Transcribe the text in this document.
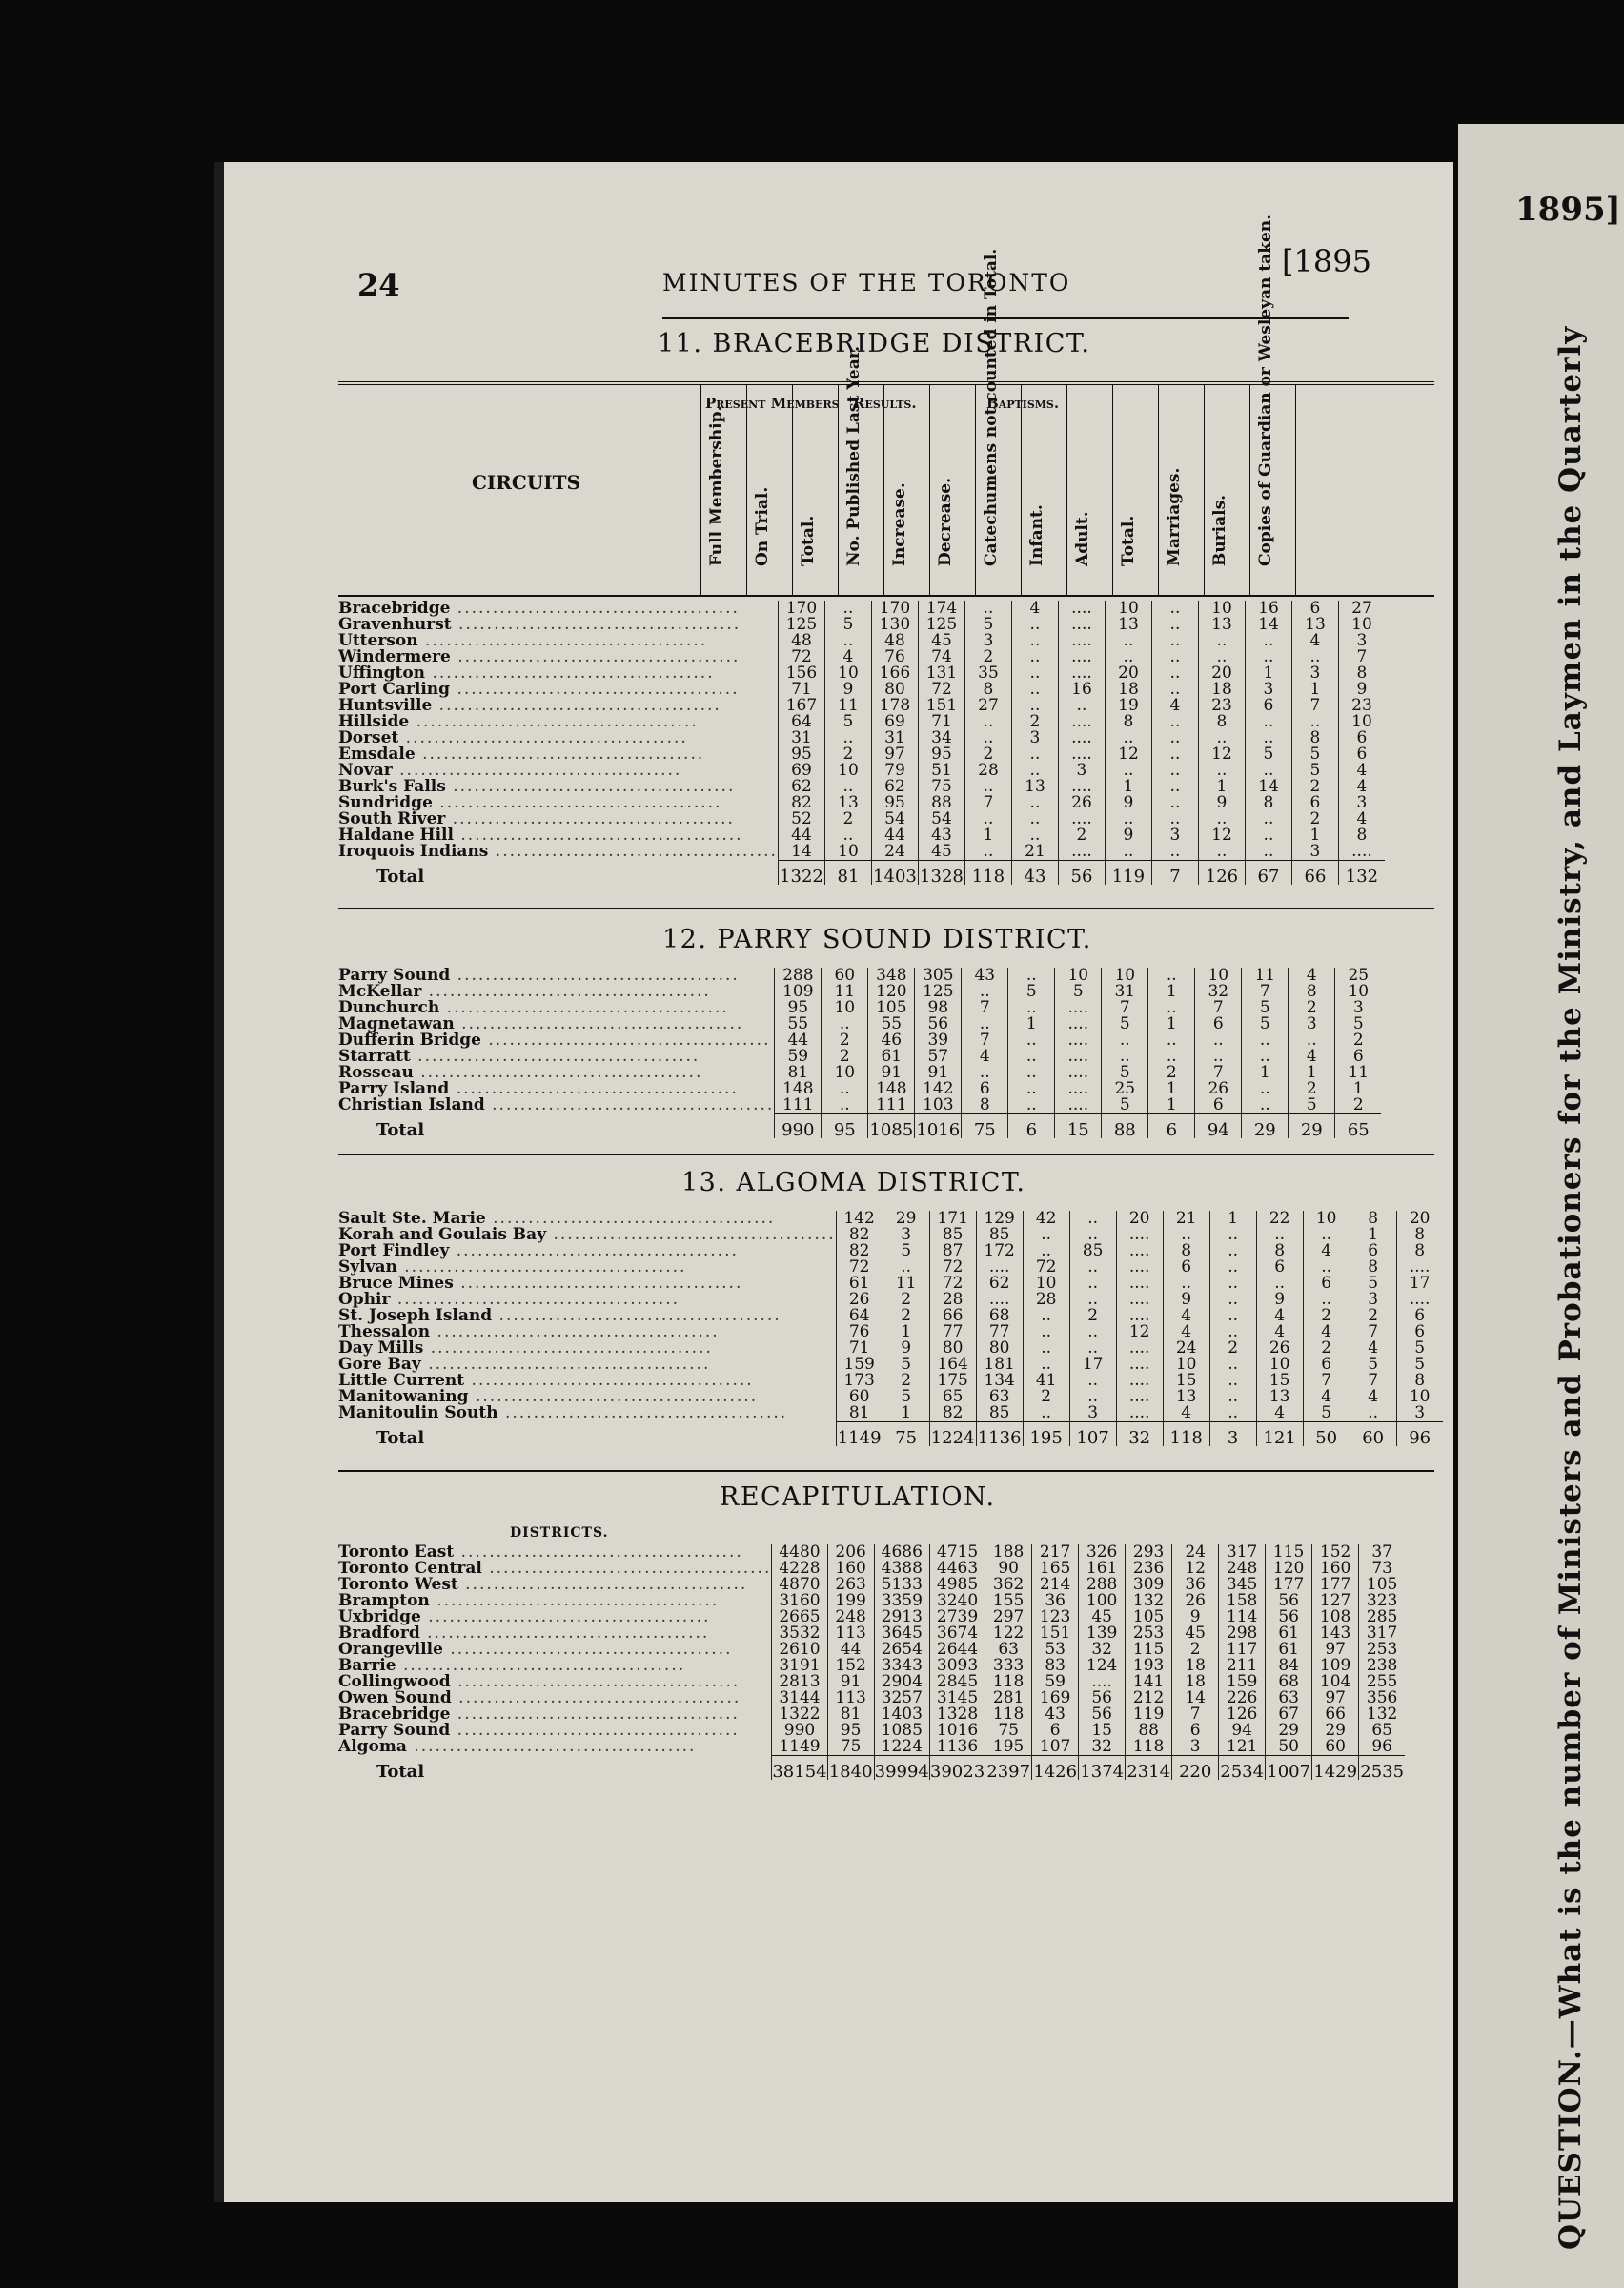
1895]
QUESTION.—What is the number of Ministers and Probationers for the Ministry, and Laymen in the Quarterly
24	MINUTES OF THE TORONTO
[1895
11. BRACEBRIDGE DISTRICT.
CIRCUITS
Present Members Results.	Baptisms.
Full Membership. On Trial. Total. No. Published Last Year. Increase. Decrease. Catechumens not counted in Total. Infant. Adult. Total. Marriages. Burials. Copies of Guardian or Wesleyan taken.
Bracebridge ........................................	170	..	170	174	..	4	....	10	..	10	16	6	27
Gravenhurst ........................................	125	5	130	125	5	..	....	13	..	13	14	13	10
Utterson ........................................	48	..	48	45	3	..	....	..	..	..	..	4	3
Windermere ........................................	72	4	76	74	2	..	....	..	..	..	..	..	7
Uffington ........................................	156	10	166	131	35	..	....	20	..	20	1	3	8
Port Carling ........................................	71	9	80	72	8	..	16	18	..	18	3	1	9
Huntsville ........................................	167	11	178	151	27	..	..	19	4	23	6	7	23
Hillside ........................................	64	5	69	71	..	2	....	8	..	8	..	..	10
Dorset ........................................	31	..	31	34	..	3	....	..	..	..	..	8	6
Emsdale ........................................	95	2	97	95	2	..	....	12	..	12	5	5	6
Novar ........................................	69	10	79	51	28	..	3	..	..	..	..	5	4
Burk's Falls ........................................	62	..	62	75	..	13	....	1	..	1	14	2	4
Sundridge ........................................	82	13	95	88	7	..	26	9	..	9	8	6	3
South River ........................................	52	2	54	54	..	..	....	..	..	..	..	2	4
Haldane Hill ........................................	44	..	44	43	1	..	2	9	3	12	..	1	8
Iroquois Indians ........................................	14	10	24	45	..	21	....	..	..	..	..	3	....
Total	1322	81	1403	1328	118	43	56	119	7	126	67	66	132
12. PARRY SOUND DISTRICT.
Parry Sound ........................................	288	60	348	305	43	..	10	10	..	10	11	4	25
McKellar ........................................	109	11	120	125	..	5	5	31	1	32	7	8	10
Dunchurch ........................................	95	10	105	98	7	..	....	7	..	7	5	2	3
Magnetawan ........................................	55	..	55	56	..	1	....	5	1	6	5	3	5
Dufferin Bridge ........................................	44	2	46	39	7	..	....	..	..	..	..	..	2
Starratt ........................................	59	2	61	57	4	..	....	..	..	..	..	4	6
Rosseau ........................................	81	10	91	91	..	..	....	5	2	7	1	1	11
Parry Island ........................................	148	..	148	142	6	..	....	25	1	26	..	2	1
Christian Island ........................................	111	..	111	103	8	..	....	5	1	6	..	5	2
Total	990	95	1085	1016	75	6	15	88	6	94	29	29	65
13. ALGOMA DISTRICT.
Sault Ste. Marie ........................................	142	29	171	129	42	..	20	21	1	22	10	8	20
Korah and Goulais Bay ........................................	82	3	85	85	..	..	....	..	..	..	..	1	8
Port Findley ........................................	82	5	87	172	..	85	....	8	..	8	4	6	8
Sylvan ........................................	72	..	72	....	72	..	....	6	..	6	..	8	....
Bruce Mines ........................................	61	11	72	62	10	..	....	..	..	..	6	5	17
Ophir ........................................	26	2	28	....	28	..	....	9	..	9	..	3	....
St. Joseph Island ........................................	64	2	66	68	..	2	....	4	..	4	2	2	6
Thessalon ........................................	76	1	77	77	..	..	12	4	..	4	4	7	6
Day Mills ........................................	71	9	80	80	..	..	....	24	2	26	2	4	5
Gore Bay ........................................	159	5	164	181	..	17	....	10	..	10	6	5	5
Little Current ........................................	173	2	175	134	41	..	....	15	..	15	7	7	8
Manitowaning ........................................	60	5	65	63	2	..	....	13	..	13	4	4	10
Manitoulin South ........................................	81	1	82	85	..	3	....	4	..	4	5	..	3
Total	1149	75	1224	1136	195	107	32	118	3	121	50	60	96
RECAPITULATION.
DISTRICTS.
Toronto East ........................................	4480	206	4686	4715	188	217	326	293	24	317	115	152	37
Toronto Central ........................................	4228	160	4388	4463	90	165	161	236	12	248	120	160	73
Toronto West ........................................	4870	263	5133	4985	362	214	288	309	36	345	177	177	105
Brampton ........................................	3160	199	3359	3240	155	36	100	132	26	158	56	127	323
Uxbridge ........................................	2665	248	2913	2739	297	123	45	105	9	114	56	108	285
Bradford ........................................	3532	113	3645	3674	122	151	139	253	45	298	61	143	317
Orangeville ........................................	2610	44	2654	2644	63	53	32	115	2	117	61	97	253
Barrie ........................................	3191	152	3343	3093	333	83	124	193	18	211	84	109	238
Collingwood ........................................	2813	91	2904	2845	118	59	....	141	18	159	68	104	255
Owen Sound ........................................	3144	113	3257	3145	281	169	56	212	14	226	63	97	356
Bracebridge ........................................	1322	81	1403	1328	118	43	56	119	7	126	67	66	132
Parry Sound ........................................	990	95	1085	1016	75	6	15	88	6	94	29	29	65
Algoma ........................................	1149	75	1224	1136	195	107	32	118	3	121	50	60	96
Total	38154	1840	39994	39023	2397	1426	1374	2314	220	2534	1007	1429	2535
